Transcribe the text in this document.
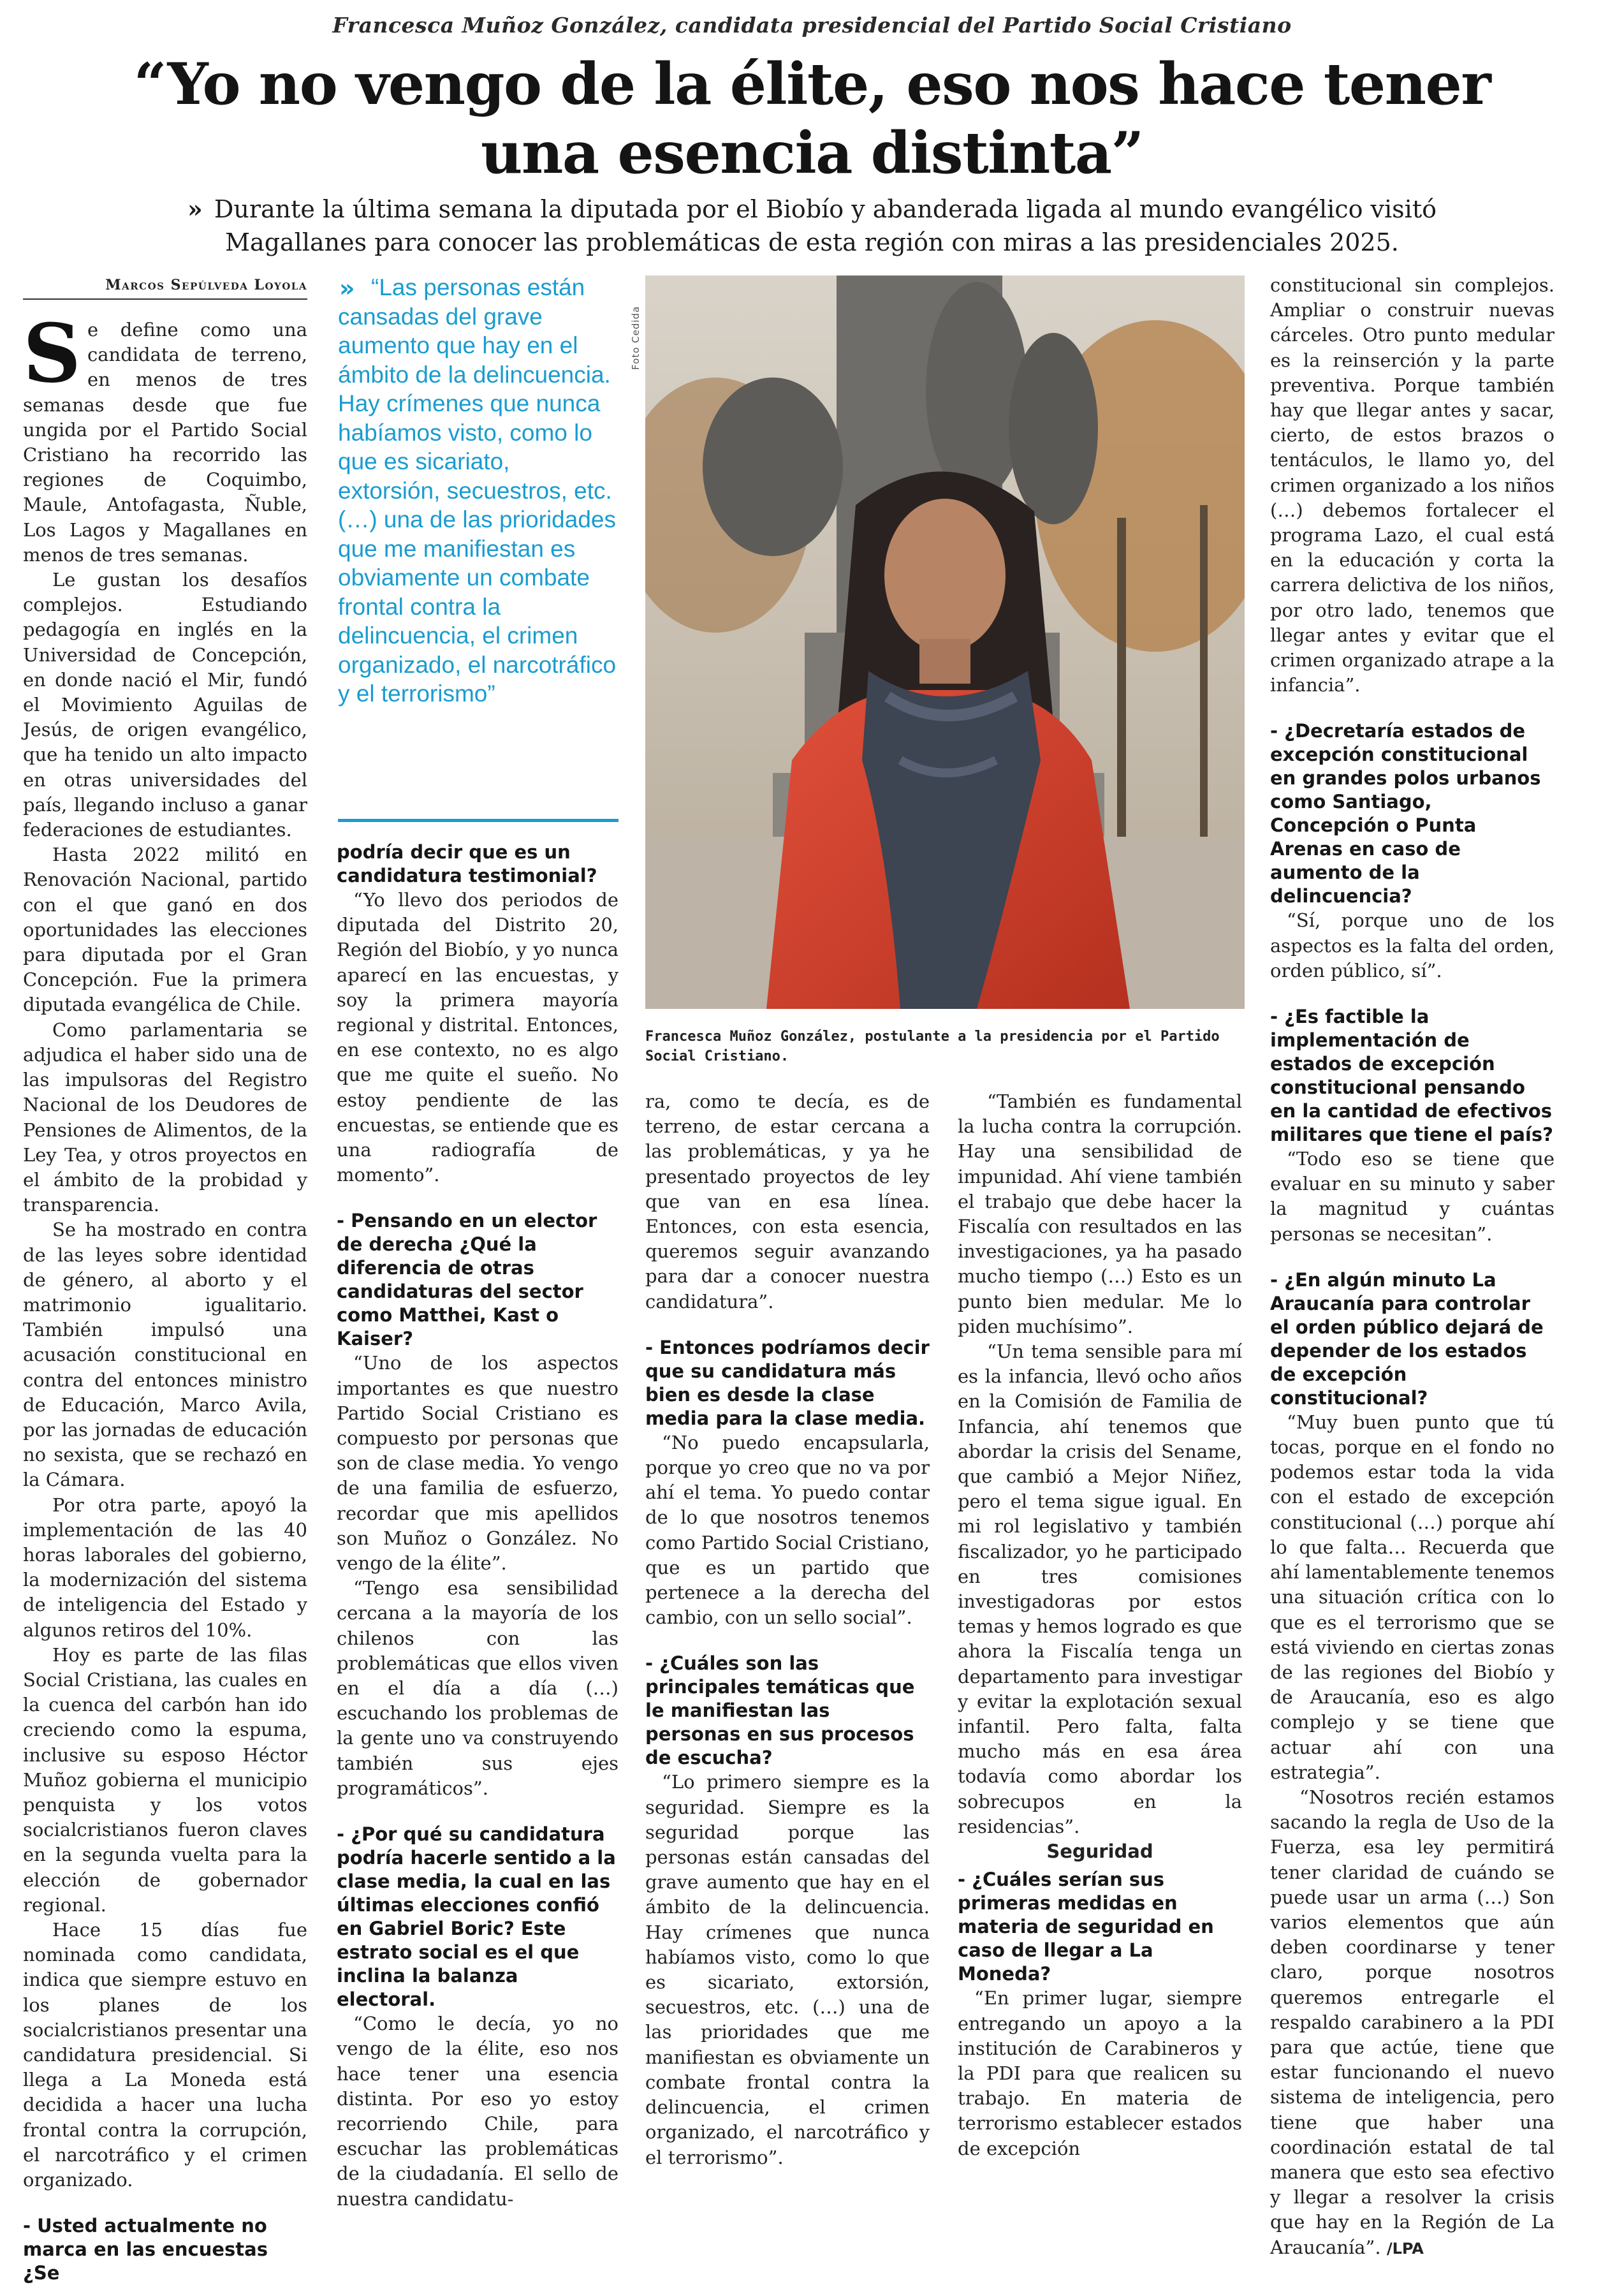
Francesca Muñoz González, candidata presidencial del Partido Social Cristiano
“Yo no vengo de la élite, eso nos hace tener una esencia distinta”
» Durante la última semana la diputada por el Biobío y abanderada ligada al mundo evangélico visitó Magallanes para conocer las problemáticas de esta región con miras a las presidenciales 2025.
Marcos Sepúlveda Loyola

Se define como una candidata de terreno, en menos de tres semanas desde que fue ungida por el Partido Social Cristiano ha recorrido las regiones de Coquimbo, Maule, Antofagasta, Ñuble, Los Lagos y Magallanes en menos de tres semanas.

Le gustan los desafíos complejos. Estudiando pedagogía en inglés en la Universidad de Concepción, en donde nació el Mir, fundó el Movimiento Aguilas de Jesús, de origen evangélico, que ha tenido un alto impacto en otras universidades del país, llegando incluso a ganar federaciones de estudiantes.

Hasta 2022 militó en Renovación Nacional, partido con el que ganó en dos oportunidades las elecciones para diputada por el Gran Concepción. Fue la primera diputada evangélica de Chile.

Como parlamentaria se adjudica el haber sido una de las impulsoras del Registro Nacional de los Deudores de Pensiones de Alimentos, de la Ley Tea, y otros proyectos en el ámbito de la probidad y transparencia.

Se ha mostrado en contra de las leyes sobre identidad de género, al aborto y el matrimonio igualitario. También impulsó una acusación constitucional en contra del entonces ministro de Educación, Marco Avila, por las jornadas de educación no sexista, que se rechazó en la Cámara.

Por otra parte, apoyó la implementación de las 40 horas laborales del gobierno, la modernización del sistema de inteligencia del Estado y algunos retiros del 10%.

Hoy es parte de las filas Social Cristiana, las cuales en la cuenca del carbón han ido creciendo como la espuma, inclusive su esposo Héctor Muñoz gobierna el municipio penquista y los votos socialcristianos fueron claves en la segunda vuelta para la elección de gobernador regional.

Hace 15 días fue nominada como candidata, indica que siempre estuvo en los planes de los socialcristianos presentar una candidatura presidencial. Si llega a La Moneda está decidida a hacer una lucha frontal contra la corrupción, el narcotráfico y el crimen organizado.

- Usted actualmente no marca en las encuestas ¿Se

» “Las personas están cansadas del grave aumento que hay en el ámbito de la delincuencia. Hay crímenes que nunca habíamos visto, como lo que es sicariato, extorsión, secuestros, etc. (…) una de las prioridades que me manifiestan es obviamente un combate frontal contra la delincuencia, el crimen organizado, el narcotráfico y el terrorismo”

podría decir que es un candidatura testimonial?

“Yo llevo dos periodos de diputada del Distrito 20, Región del Biobío, y yo nunca aparecí en las encuestas, y soy la primera mayoría regional y distrital. Entonces, en ese contexto, no es algo que me quite el sueño. No estoy pendiente de las encuestas, se entiende que es una radiografía de momento”.

- Pensando en un elector de derecha ¿Qué la diferencia de otras candidaturas del sector como Matthei, Kast o Kaiser?

“Uno de los aspectos importantes es que nuestro Partido Social Cristiano es compuesto por personas que son de clase media. Yo vengo de una familia de esfuerzo, recordar que mis apellidos son Muñoz o González. No vengo de la élite”.

“Tengo esa sensibilidad cercana a la mayoría de los chilenos con las problemáticas que ellos viven en el día a día (…) escuchando los problemas de la gente uno va construyendo también sus ejes programáticos”.

- ¿Por qué su candidatura podría hacerle sentido a la clase media, la cual en las últimas elecciones confió en Gabriel Boric? Este estrato social es el que inclina la balanza electoral.

“Como le decía, yo no vengo de la élite, eso nos hace tener una esencia distinta. Por eso yo estoy recorriendo Chile, para escuchar las problemáticas de la ciudadanía. El sello de nuestra candidatu-

Foto Cedida
Francesca Muñoz González, postulante a la presidencia por el Partido Social Cristiano.

ra, como te decía, es de terreno, de estar cercana a las problemáticas, y ya he presentado proyectos de ley que van en esa línea. Entonces, con esta esencia, queremos seguir avanzando para dar a conocer nuestra candidatura”.

- Entonces podríamos decir que su candidatura más bien es desde la clase media para la clase media.

“No puedo encapsularla, porque yo creo que no va por ahí el tema. Yo puedo contar de lo que nosotros tenemos como Partido Social Cristiano, que es un partido que pertenece a la derecha del cambio, con un sello social”.

- ¿Cuáles son las principales temáticas que le manifiestan las personas en sus procesos de escucha?

“Lo primero siempre es la seguridad. Siempre es la seguridad porque las personas están cansadas del grave aumento que hay en el ámbito de la delincuencia. Hay crímenes que nunca habíamos visto, como lo que es sicariato, extorsión, secuestros, etc. (…) una de las prioridades que me manifiestan es obviamente un combate frontal contra la delincuencia, el crimen organizado, el narcotráfico y el terrorismo”.

“También es fundamental la lucha contra la corrupción. Hay una sensibilidad de impunidad. Ahí viene también el trabajo que debe hacer la Fiscalía con resultados en las investigaciones, ya ha pasado mucho tiempo (…) Esto es un punto bien medular. Me lo piden muchísimo”.

“Un tema sensible para mí es la infancia, llevó ocho años en la Comisión de Familia de Infancia, ahí tenemos que abordar la crisis del Sename, que cambió a Mejor Niñez, pero el tema sigue igual. En mi rol legislativo y también fiscalizador, yo he participado en tres comisiones investigadoras por estos temas y hemos logrado es que ahora la Fiscalía tenga un departamento para investigar y evitar la explotación sexual infantil. Pero falta, falta mucho más en esa área todavía como abordar los sobrecupos en la residencias”.

Seguridad

- ¿Cuáles serían sus primeras medidas en materia de seguridad en caso de llegar a La Moneda?

“En primer lugar, siempre entregando un apoyo a la institución de Carabineros y la PDI para que realicen su trabajo. En materia de terrorismo establecer estados de excepción

constitucional sin complejos. Ampliar o construir nuevas cárceles. Otro punto medular es la reinserción y la parte preventiva. Porque también hay que llegar antes y sacar, cierto, de estos brazos o tentáculos, le llamo yo, del crimen organizado a los niños (…) debemos fortalecer el programa Lazo, el cual está en la educación y corta la carrera delictiva de los niños, por otro lado, tenemos que llegar antes y evitar que el crimen organizado atrape a la infancia”.

- ¿Decretaría estados de excepción constitucional en grandes polos urbanos como Santiago, Concepción o Punta Arenas en caso de aumento de la delincuencia?

“Sí, porque uno de los aspectos es la falta del orden, orden público, sí”.

- ¿Es factible la implementación de estados de excepción constitucional pensando en la cantidad de efectivos militares que tiene el país?

“Todo eso se tiene que evaluar en su minuto y saber la magnitud y cuántas personas se necesitan”.

- ¿En algún minuto La Araucanía para controlar el orden público dejará de depender de los estados de excepción constitucional?

“Muy buen punto que tú tocas, porque en el fondo no podemos estar toda la vida con el estado de excepción constitucional (…) porque ahí lo que falta… Recuerda que ahí lamentablemente tenemos una situación crítica con lo que es el terrorismo que se está viviendo en ciertas zonas de las regiones del Biobío y de Araucanía, eso es algo complejo y se tiene que actuar ahí con una estrategia”.

“Nosotros recién estamos sacando la regla de Uso de la Fuerza, esa ley permitirá tener claridad de cuándo se puede usar un arma (…) Son varios elementos que aún deben coordinarse y tener claro, porque nosotros queremos entregarle el respaldo carabinero a la PDI para que actúe, tiene que estar funcionando el nuevo sistema de inteligencia, pero tiene que haber una coordinación estatal de tal manera que esto sea efectivo y llegar a resolver la crisis que hay en la Región de La Araucanía”. /LPA
